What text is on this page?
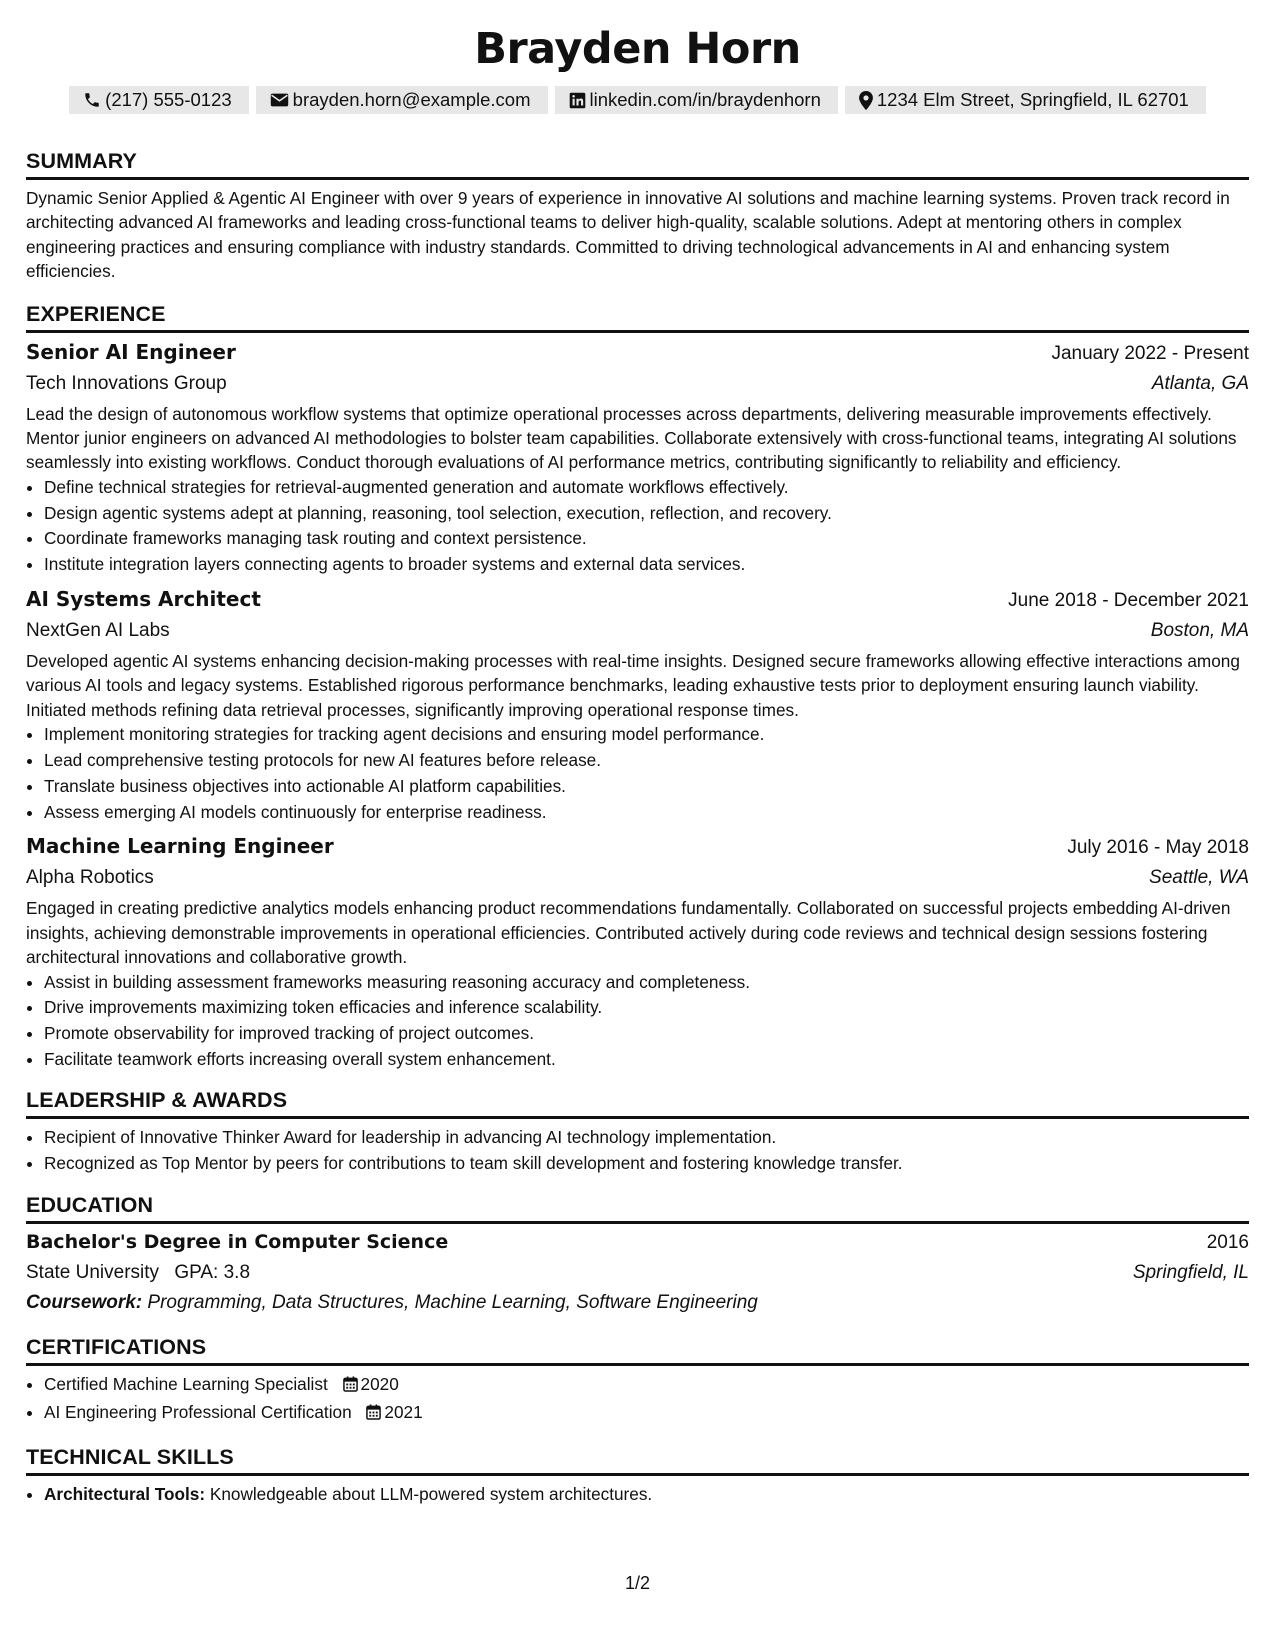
Brayden Horn
(217) 555-0123	brayden.horn@example.com	linkedin.com/in/braydenhorn	1234 Elm Street, Springfield, IL 62701
SUMMARY

Dynamic Senior Applied & Agentic AI Engineer with over 9 years of experience in innovative AI solutions and machine learning systems. Proven track record in architecting advanced AI frameworks and leading cross-functional teams to deliver high-quality, scalable solutions. Adept at mentoring others in complex engineering practices and ensuring compliance with industry standards. Committed to driving technological advancements in AI and enhancing system efficiencies.

EXPERIENCE
Senior AI Engineer	January 2022 - Present
Tech Innovations Group	Atlanta, GA

Lead the design of autonomous workflow systems that optimize operational processes across departments, delivering measurable improvements effectively. Mentor junior engineers on advanced AI methodologies to bolster team capabilities. Collaborate extensively with cross-functional teams, integrating AI solutions seamlessly into existing workflows. Conduct thorough evaluations of AI performance metrics, contributing significantly to reliability and efficiency.

• Define technical strategies for retrieval-augmented generation and automate workflows effectively.
• Design agentic systems adept at planning, reasoning, tool selection, execution, reflection, and recovery.
• Coordinate frameworks managing task routing and context persistence.
• Institute integration layers connecting agents to broader systems and external data services.
AI Systems Architect	June 2018 - December 2021
NextGen AI Labs	Boston, MA

Developed agentic AI systems enhancing decision-making processes with real-time insights. Designed secure frameworks allowing effective interactions among various AI tools and legacy systems. Established rigorous performance benchmarks, leading exhaustive tests prior to deployment ensuring launch viability. Initiated methods refining data retrieval processes, significantly improving operational response times.

• Implement monitoring strategies for tracking agent decisions and ensuring model performance.
• Lead comprehensive testing protocols for new AI features before release.
• Translate business objectives into actionable AI platform capabilities.
• Assess emerging AI models continuously for enterprise readiness.
Machine Learning Engineer	July 2016 - May 2018
Alpha Robotics	Seattle, WA

Engaged in creating predictive analytics models enhancing product recommendations fundamentally. Collaborated on successful projects embedding AI-driven insights, achieving demonstrable improvements in operational efficiencies. Contributed actively during code reviews and technical design sessions fostering architectural innovations and collaborative growth.

• Assist in building assessment frameworks measuring reasoning accuracy and completeness.
• Drive improvements maximizing token efficacies and inference scalability.
• Promote observability for improved tracking of project outcomes.
• Facilitate teamwork efforts increasing overall system enhancement.
LEADERSHIP & AWARDS
• Recipient of Innovative Thinker Award for leadership in advancing AI technology implementation.
• Recognized as Top Mentor by peers for contributions to team skill development and fostering knowledge transfer.
EDUCATION
Bachelor's Degree in Computer Science	2016
State University GPA: 3.8	Springfield, IL
Coursework: Programming, Data Structures, Machine Learning, Software Engineering
CERTIFICATIONS
• Certified Machine Learning Specialist 2020
• AI Engineering Professional Certification 2021
TECHNICAL SKILLS
• Architectural Tools: Knowledgeable about LLM-powered system architectures.
1/2
